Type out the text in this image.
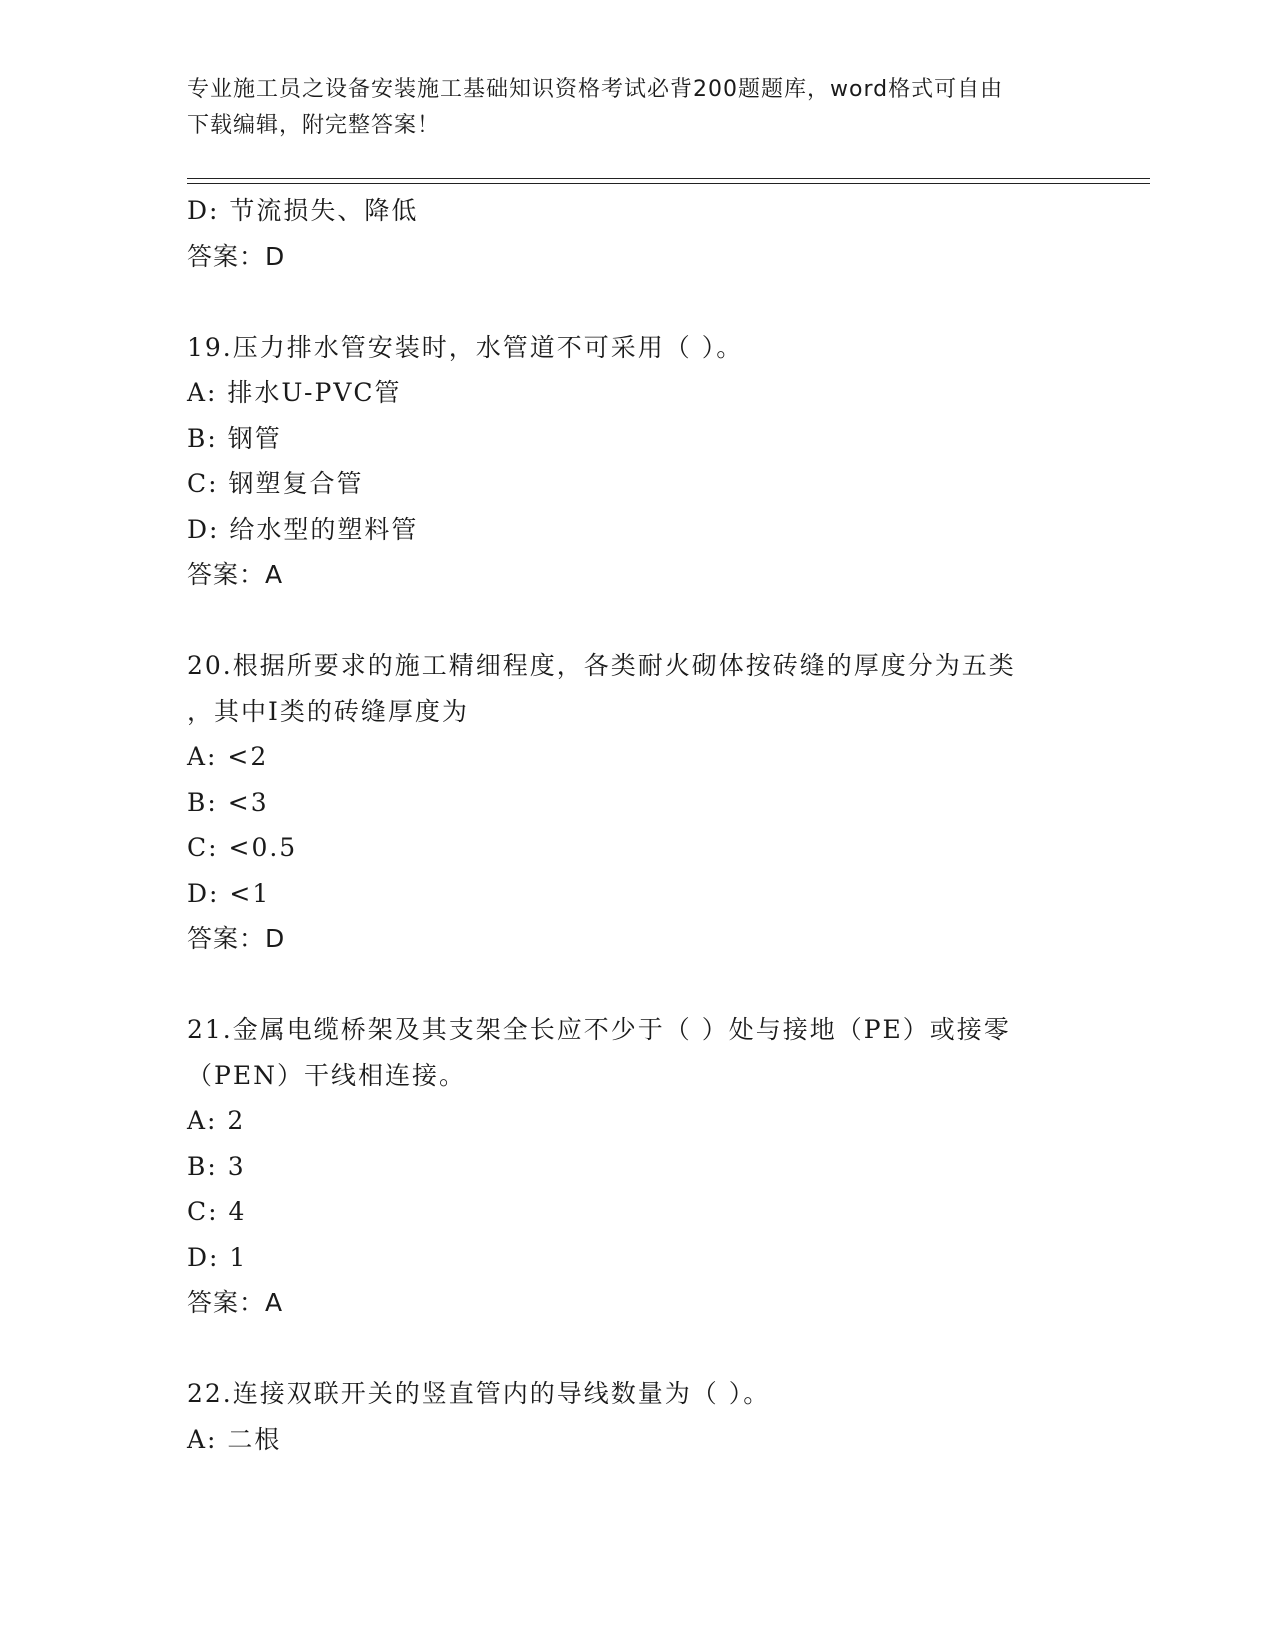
专业施工员之设备安装施工基础知识资格考试必背200题题库，word格式可自由
下载编辑，附完整答案！
D: 节流损失、降低
答案：D
19.压力排水管安装时，水管道不可采用（ ）。
A: 排水U-PVC管
B: 钢管
C: 钢塑复合管
D: 给水型的塑料管
答案：A
20.根据所要求的施工精细程度，各类耐火砌体按砖缝的厚度分为五类
，其中I类的砖缝厚度为
A: <2
B: <3
C: <0.5
D: <1
答案：D
21.金属电缆桥架及其支架全长应不少于（ ）处与接地（PE）或接零
（PEN）干线相连接。
A: 2
B: 3
C: 4
D: 1
答案：A
22.连接双联开关的竖直管内的导线数量为（ ）。
A: 二根
